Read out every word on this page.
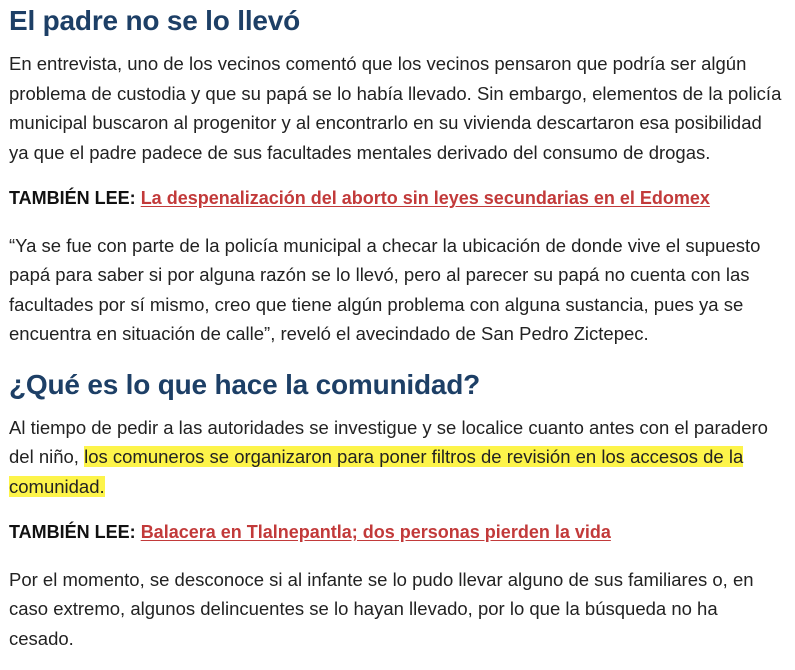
El padre no se lo llevó

En entrevista, uno de los vecinos comentó que los vecinos pensaron que podría ser algún problema de custodia y que su papá se lo había llevado. Sin embargo, elementos de la policía municipal buscaron al progenitor y al encontrarlo en su vivienda descartaron esa posibilidad ya que el padre padece de sus facultades mentales derivado del consumo de drogas.

TAMBIÉN LEE: La despenalización del aborto sin leyes secundarias en el Edomex

“Ya se fue con parte de la policía municipal a checar la ubicación de donde vive el supuesto papá para saber si por alguna razón se lo llevó, pero al parecer su papá no cuenta con las facultades por sí mismo, creo que tiene algún problema con alguna sustancia, pues ya se encuentra en situación de calle”, reveló el avecindado de San Pedro Zictepec.

¿Qué es lo que hace la comunidad?

Al tiempo de pedir a las autoridades se investigue y se localice cuanto antes con el paradero del niño, los comuneros se organizaron para poner filtros de revisión en los accesos de la comunidad.

TAMBIÉN LEE: Balacera en Tlalnepantla; dos personas pierden la vida

Por el momento, se desconoce si al infante se lo pudo llevar alguno de sus familiares o, en caso extremo, algunos delincuentes se lo hayan llevado, por lo que la búsqueda no ha cesado.
